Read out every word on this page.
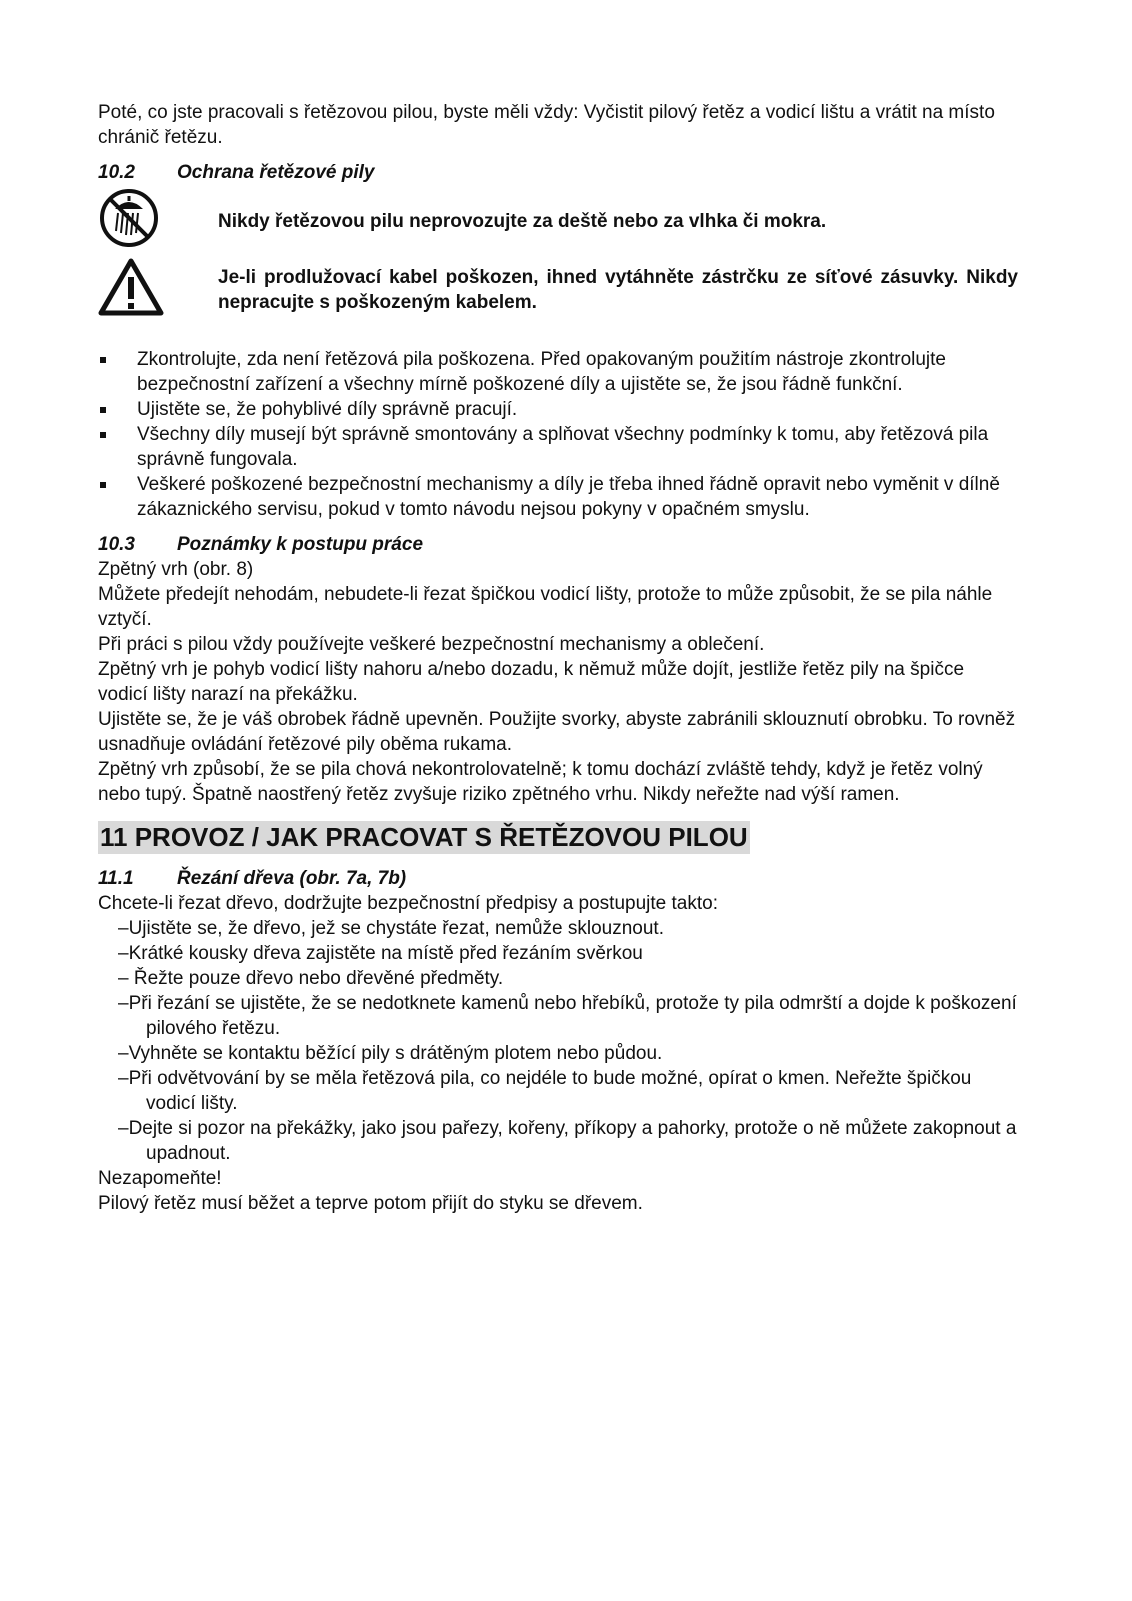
Poté, co jste pracovali s řetězovou pilou, byste měli vždy: Vyčistit pilový řetěz a vodicí lištu a vrátit na místo chránič řetězu.

10.2	Ochrana řetězové pily

Nikdy řetězovou pilu neprovozujte za deště nebo za vlhka či mokra.

Je-li prodlužovací kabel poškozen, ihned vytáhněte zástrčku ze síťové zásuvky. Nikdy nepracujte s poškozeným kabelem.

Zkontrolujte, zda není řetězová pila poškozena. Před opakovaným použitím nástroje zkontrolujte bezpečnostní zařízení a všechny mírně poškozené díly a ujistěte se, že jsou řádně funkční.
Ujistěte se, že pohyblivé díly správně pracují.
Všechny díly musejí být správně smontovány a splňovat všechny podmínky k tomu, aby řetězová pila správně fungovala.
Veškeré poškozené bezpečnostní mechanismy a díly je třeba ihned řádně opravit nebo vyměnit v dílně zákaznického servisu, pokud v tomto návodu nejsou pokyny v opačném smyslu.
10.3	Poznámky k postupu práce

Zpětný vrh (obr. 8)

Můžete předejít nehodám, nebudete-li řezat špičkou vodicí lišty, protože to může způsobit, že se pila náhle vztyčí.

Při práci s pilou vždy používejte veškeré bezpečnostní mechanismy a oblečení.

Zpětný vrh je pohyb vodicí lišty nahoru a/nebo dozadu, k němuž může dojít, jestliže řetěz pily na špičce vodicí lišty narazí na překážku.

Ujistěte se, že je váš obrobek řádně upevněn. Použijte svorky, abyste zabránili sklouznutí obrobku. To rovněž usnadňuje ovládání řetězové pily oběma rukama.

Zpětný vrh způsobí, že se pila chová nekontrolovatelně; k tomu dochází zvláště tehdy, když je řetěz volný nebo tupý. Špatně naostřený řetěz zvyšuje riziko zpětného vrhu. Nikdy neřežte nad výší ramen.

11 PROVOZ / JAK PRACOVAT S ŘETĚZOVOU PILOU
11.1	Řezání dřeva (obr. 7a, 7b)

Chcete-li řezat dřevo, dodržujte bezpečnostní předpisy a postupujte takto:

–Ujistěte se, že dřevo, jež se chystáte řezat, nemůže sklouznout.
–Krátké kousky dřeva zajistěte na místě před řezáním svěrkou
– Řežte pouze dřevo nebo dřevěné předměty.
–Při řezání se ujistěte, že se nedotknete kamenů nebo hřebíků, protože ty pila odmrští a dojde k poškození pilového řetězu.
–Vyhněte se kontaktu běžící pily s drátěným plotem nebo půdou.
–Při odvětvování by se měla řetězová pila, co nejdéle to bude možné, opírat o kmen. Neřežte špičkou vodicí lišty.
–Dejte si pozor na překážky, jako jsou pařezy, kořeny, příkopy a pahorky, protože o ně můžete zakopnout a upadnout.

Nezapomeňte!

Pilový řetěz musí běžet a teprve potom přijít do styku se dřevem.
